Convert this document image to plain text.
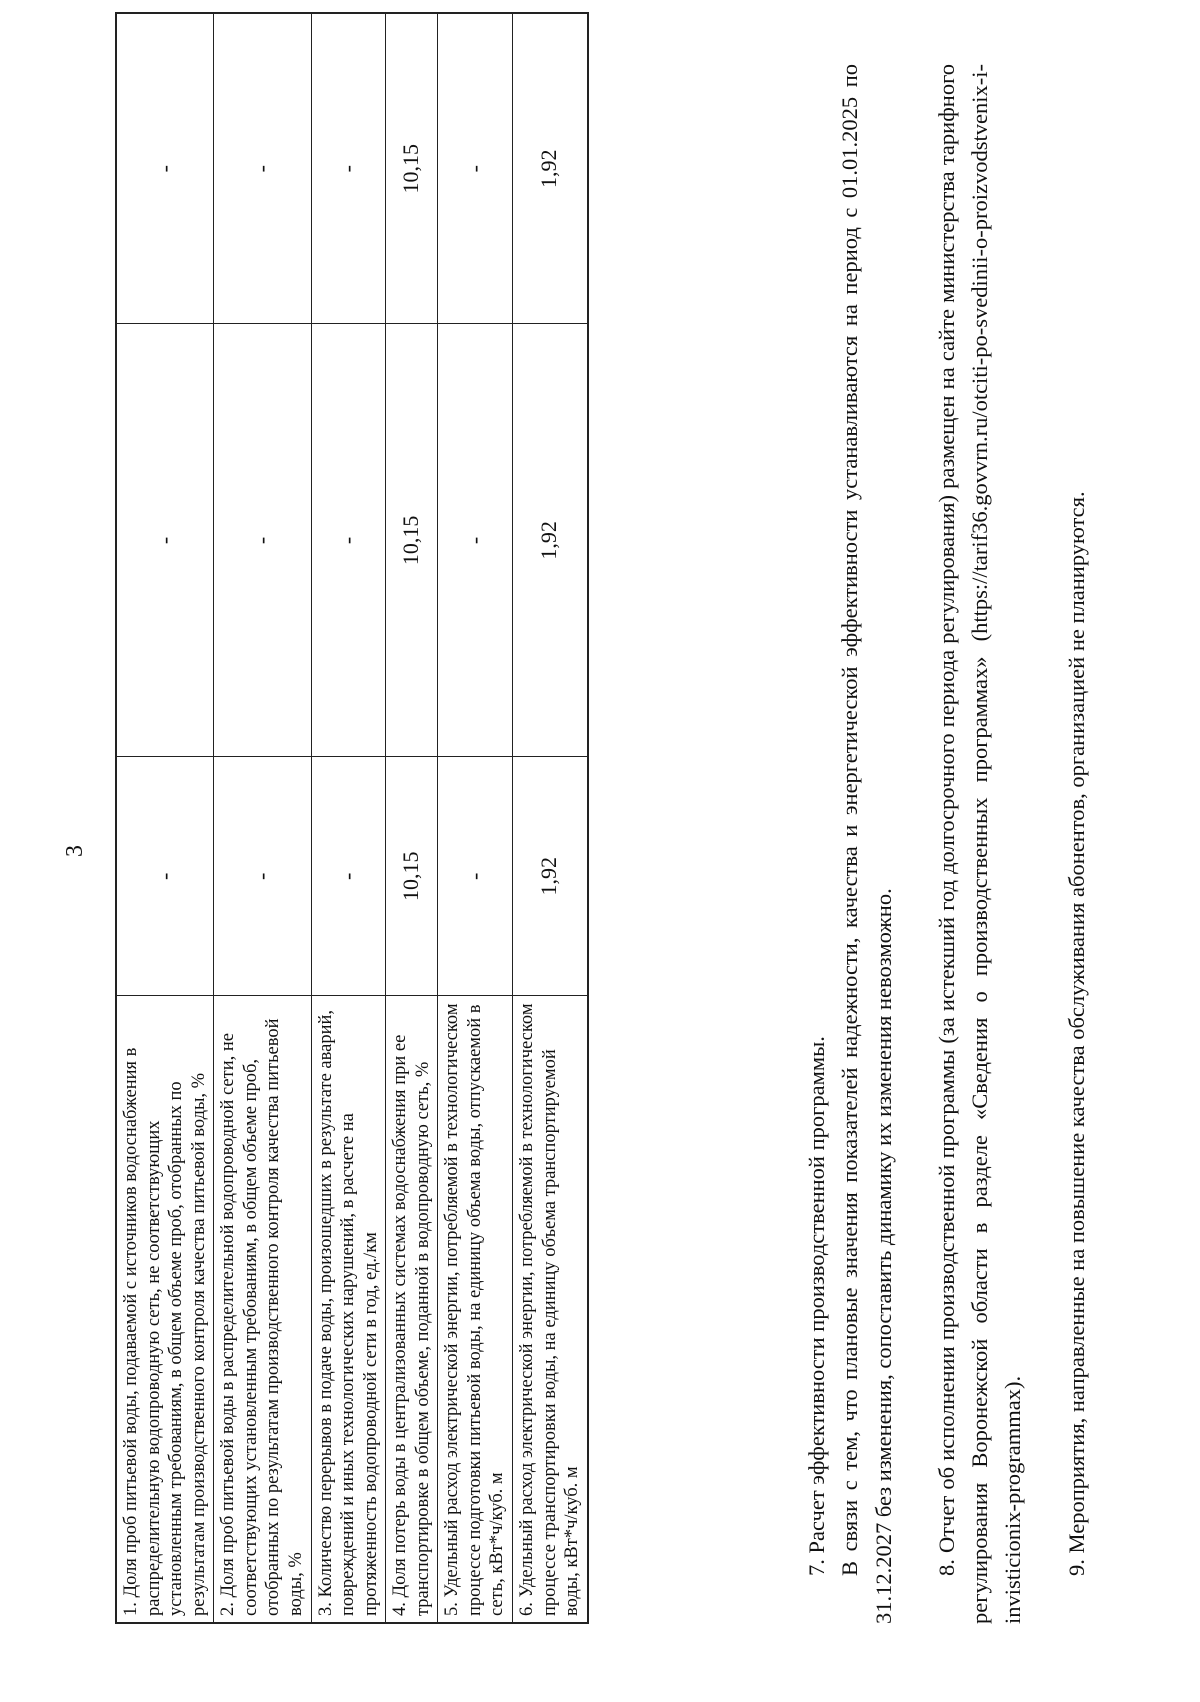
3
1. Доля проб питьевой воды, подаваемой с источников водоснабжения в распределительную водопроводную сеть, не соответствующих установленным требованиям, в общем объеме проб, отобранных по результатам производственного контроля качества питьевой воды, %	-	-	-
2. Доля проб питьевой воды в распределительной водопроводной сети, не соответствующих установленным требованиям, в общем объеме проб, отобранных по результатам производственного контроля качества питьевой воды, %	-	-	-
3. Количество перерывов в подаче воды, произошедших в результате аварий, повреждений и иных технологических нарушений, в расчете на протяженность водопроводной сети в год, ед./км	-	-	-
4. Доля потерь воды в централизованных системах водоснабжения при ее транспортировке в общем объеме, поданной в водопроводную сеть, %	10,15	10,15	10,15
5. Удельный расход электрической энергии, потребляемой в технологическом процессе подготовки питьевой воды, на единицу объема воды, отпускаемой в сеть, кВт*ч/куб. м	-	-	-
6. Удельный расход электрической энергии, потребляемой в технологическом процессе транспортировки воды, на единицу объема транспортируемой воды, кВт*ч/куб. м	1,92	1,92	1,92

7. Расчет эффективности производственной программы. В связи с тем, что плановые значения показателей надежности, качества и энергетической эффективности устанавливаются на период с 01.01.2025 по 31.12.2027 без изменения, сопоставить динамику их изменения невозможно. 8. Отчет об исполнении производственной программы (за истекший год долгосрочного периода регулирования) размещен на сайте министерства тарифного регулирования Воронежской области в разделе «Сведения о производственных программах» (https://tarif36.govvrn.ru/otciti-po-svedinii-o-proizvodstvenix-i-invisticionix-programmax). 9. Мероприятия, направленные на повышение качества обслуживания абонентов, организацией не планируются.
